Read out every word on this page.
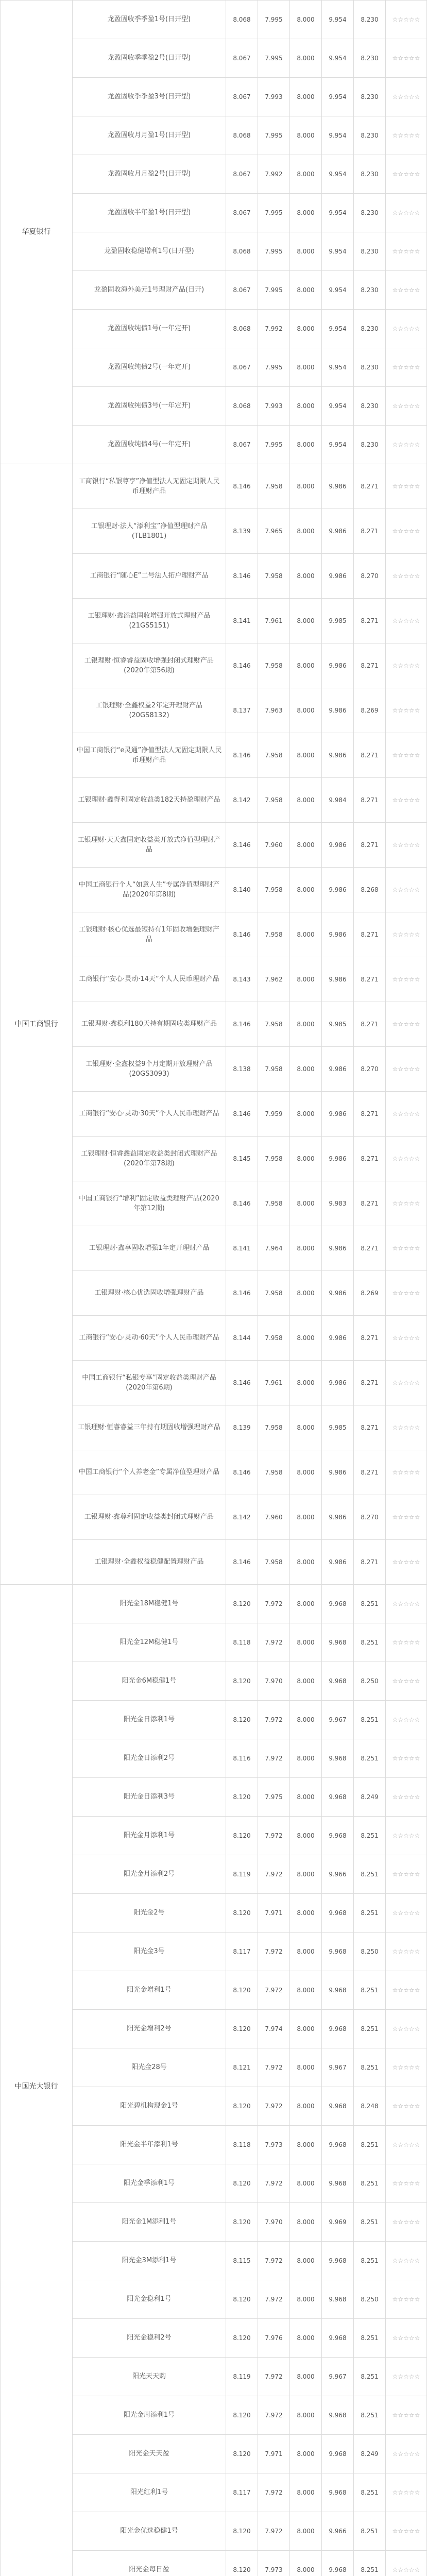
华夏银行	龙盈固收季季盈1号(日开型)	8.068	7.995	8.000	9.954	8.230	☆☆☆☆☆
	龙盈固收季季盈2号(日开型)	8.067	7.995	8.000	9.954	8.230	☆☆☆☆☆
	龙盈固收季季盈3号(日开型)	8.067	7.993	8.000	9.954	8.230	☆☆☆☆☆
	龙盈固收月月盈1号(日开型)	8.068	7.995	8.000	9.954	8.230	☆☆☆☆☆
	龙盈固收月月盈2号(日开型)	8.067	7.992	8.000	9.954	8.230	☆☆☆☆☆
	龙盈固收半年盈1号(日开型)	8.067	7.995	8.000	9.954	8.230	☆☆☆☆☆
	龙盈固收稳健增利1号(日开型)	8.068	7.995	8.000	9.954	8.230	☆☆☆☆☆
	龙盈固收海外美元1号理财产品(日开)	8.067	7.995	8.000	9.954	8.230	☆☆☆☆☆
	龙盈固收纯债1号(一年定开)	8.068	7.992	8.000	9.954	8.230	☆☆☆☆☆
	龙盈固收纯债2号(一年定开)	8.067	7.995	8.000	9.954	8.230	☆☆☆☆☆
	龙盈固收纯债3号(一年定开)	8.068	7.993	8.000	9.954	8.230	☆☆☆☆☆
	龙盈固收纯债4号(一年定开)	8.067	7.995	8.000	9.954	8.230	☆☆☆☆☆
中国工商银行	工商银行“私银尊享”净值型法人无固定期限人民币理财产品	8.146	7.958	8.000	9.986	8.271	☆☆☆☆☆
	工银理财·法人“添利宝”净值型理财产品(TLB1801)	8.139	7.965	8.000	9.986	8.271	☆☆☆☆☆
	工商银行“随心E”二号法人拓户理财产品	8.146	7.958	8.000	9.986	8.270	☆☆☆☆☆
	工银理财·鑫添益固收增强开放式理财产品(21GS5151)	8.141	7.961	8.000	9.985	8.271	☆☆☆☆☆
	工银理财·恒睿睿益固收增强封闭式理财产品(2020年第56期)	8.146	7.958	8.000	9.986	8.271	☆☆☆☆☆
	工银理财·全鑫权益2年定开理财产品(20GS8132)	8.137	7.963	8.000	9.986	8.269	☆☆☆☆☆
	中国工商银行“e灵通”净值型法人无固定期限人民币理财产品	8.146	7.958	8.000	9.986	8.271	☆☆☆☆☆
	工银理财·鑫得利固定收益类182天持盈理财产品	8.142	7.958	8.000	9.984	8.271	☆☆☆☆☆
	工银理财·天天鑫固定收益类开放式净值型理财产品	8.146	7.960	8.000	9.986	8.271	☆☆☆☆☆
	中国工商银行个人“如意人生”专属净值型理财产品(2020年第8期)	8.140	7.958	8.000	9.986	8.268	☆☆☆☆☆
	工银理财·核心优选最短持有1年固收增强理财产品	8.146	7.958	8.000	9.986	8.271	☆☆☆☆☆
	工商银行“安心·灵动·14天”个人人民币理财产品	8.143	7.962	8.000	9.986	8.271	☆☆☆☆☆
	工银理财·鑫稳利180天持有期固收类理财产品	8.146	7.958	8.000	9.985	8.271	☆☆☆☆☆
	工银理财·全鑫权益9个月定期开放理财产品(20GS3093)	8.138	7.958	8.000	9.986	8.270	☆☆☆☆☆
	工商银行“安心·灵动·30天”个人人民币理财产品	8.146	7.959	8.000	9.986	8.271	☆☆☆☆☆
	工银理财·恒睿鑫益固定收益类封闭式理财产品(2020年第78期)	8.145	7.958	8.000	9.986	8.271	☆☆☆☆☆
	中国工商银行“增利”固定收益类理财产品(2020年第12期)	8.146	7.958	8.000	9.983	8.271	☆☆☆☆☆
	工银理财·鑫享固收增强1年定开理财产品	8.141	7.964	8.000	9.986	8.271	☆☆☆☆☆
	工银理财·核心优选固收增强理财产品	8.146	7.958	8.000	9.986	8.269	☆☆☆☆☆
	工商银行“安心·灵动·60天”个人人民币理财产品	8.144	7.958	8.000	9.986	8.271	☆☆☆☆☆
	中国工商银行“私银专享”固定收益类理财产品(2020年第6期)	8.146	7.961	8.000	9.986	8.271	☆☆☆☆☆
	工银理财·恒睿睿益三年持有期固收增强理财产品	8.139	7.958	8.000	9.985	8.271	☆☆☆☆☆
	中国工商银行“个人养老金”专属净值型理财产品	8.146	7.958	8.000	9.986	8.271	☆☆☆☆☆
	工银理财·鑫尊利固定收益类封闭式理财产品	8.142	7.960	8.000	9.986	8.270	☆☆☆☆☆
	工银理财·全鑫权益稳健配置理财产品	8.146	7.958	8.000	9.986	8.271	☆☆☆☆☆
中国光大银行	阳光金18M稳健1号	8.120	7.972	8.000	9.968	8.251	☆☆☆☆☆
	阳光金12M稳健1号	8.118	7.972	8.000	9.968	8.251	☆☆☆☆☆
	阳光金6M稳健1号	8.120	7.970	8.000	9.968	8.250	☆☆☆☆☆
	阳光金日添利1号	8.120	7.972	8.000	9.967	8.251	☆☆☆☆☆
	阳光金日添利2号	8.116	7.972	8.000	9.968	8.251	☆☆☆☆☆
	阳光金日添利3号	8.120	7.975	8.000	9.968	8.249	☆☆☆☆☆
	阳光金月添利1号	8.120	7.972	8.000	9.968	8.251	☆☆☆☆☆
	阳光金月添利2号	8.119	7.972	8.000	9.966	8.251	☆☆☆☆☆
	阳光金2号	8.120	7.971	8.000	9.968	8.251	☆☆☆☆☆
	阳光金3号	8.117	7.972	8.000	9.968	8.250	☆☆☆☆☆
	阳光金增利1号	8.120	7.972	8.000	9.968	8.251	☆☆☆☆☆
	阳光金增利2号	8.120	7.974	8.000	9.968	8.251	☆☆☆☆☆
	阳光金28号	8.121	7.972	8.000	9.967	8.251	☆☆☆☆☆
	阳光碧机构现金1号	8.120	7.972	8.000	9.968	8.248	☆☆☆☆☆
	阳光金半年添利1号	8.118	7.973	8.000	9.968	8.251	☆☆☆☆☆
	阳光金季添利1号	8.120	7.972	8.000	9.968	8.251	☆☆☆☆☆
	阳光金1M添利1号	8.120	7.970	8.000	9.969	8.251	☆☆☆☆☆
	阳光金3M添利1号	8.115	7.972	8.000	9.968	8.251	☆☆☆☆☆
	阳光金稳利1号	8.120	7.972	8.000	9.968	8.250	☆☆☆☆☆
	阳光金稳利2号	8.120	7.976	8.000	9.968	8.251	☆☆☆☆☆
	阳光天天购	8.119	7.972	8.000	9.967	8.251	☆☆☆☆☆
	阳光金周添利1号	8.120	7.972	8.000	9.968	8.251	☆☆☆☆☆
	阳光金天天盈	8.120	7.971	8.000	9.968	8.249	☆☆☆☆☆
	阳光红利1号	8.117	7.972	8.000	9.968	8.251	☆☆☆☆☆
	阳光金优选稳健1号	8.120	7.972	8.000	9.966	8.251	☆☆☆☆☆
	阳光金每日盈	8.120	7.973	8.000	9.968	8.251	☆☆☆☆☆
